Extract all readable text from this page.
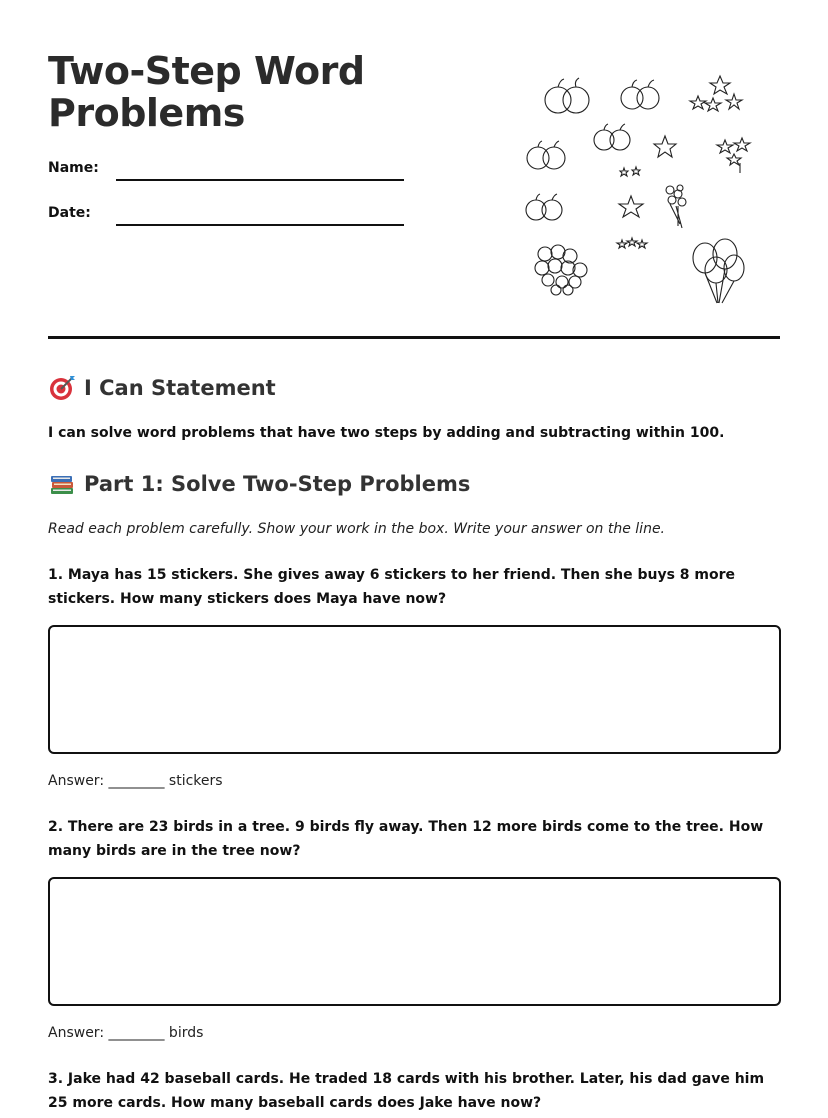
Two-Step Word
Problems
Name:
Date:
I Can Statement
I can solve word problems that have two steps by adding and subtracting within 100.
Part 1: Solve Two-Step Problems
Read each problem carefully. Show your work in the box. Write your answer on the line.

1. Maya has 15 stickers. She gives away 6 stickers to her friend. Then she buys 8 more stickers. How many stickers does Maya have now?

Answer: ________ stickers

2. There are 23 birds in a tree. 9 birds fly away. Then 12 more birds come to the tree. How many birds are in the tree now?

Answer: ________ birds

3. Jake had 42 baseball cards. He traded 18 cards with his brother. Later, his dad gave him 25 more cards. How many baseball cards does Jake have now?
